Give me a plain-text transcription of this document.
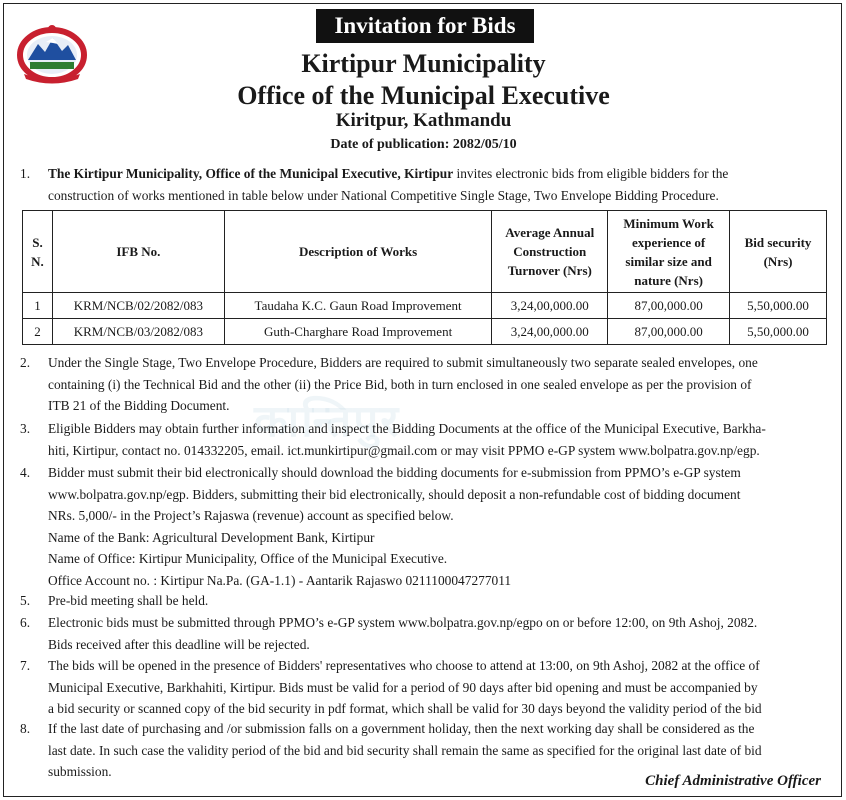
Invitation for Bids
Kirtipur Municipality
Office of the Municipal Executive
Kiritpur, Kathmandu
Date of publication: 2082/05/10
1.	The Kirtipur Municipality, Office of the Municipal Executive, Kirtipur invites electronic bids from eligible bidders for the
construction of works mentioned in table below under National Competitive Single Stage, Two Envelope Bidding Procedure.
कान्तिपुर
S. N.	IFB No.	Description of Works	Average Annual Construction Turnover (Nrs)	Minimum Work experience of similar size and nature (Nrs)	Bid security (Nrs)
1	KRM/NCB/02/2082/083	Taudaha K.C. Gaun Road Improvement	3,24,00,000.00	87,00,000.00	5,50,000.00
2	KRM/NCB/03/2082/083	Guth-Charghare Road Improvement	3,24,00,000.00	87,00,000.00	5,50,000.00
2.	Under the Single Stage, Two Envelope Procedure, Bidders are required to submit simultaneously two separate sealed envelopes, one
containing (i) the Technical Bid and the other (ii) the Price Bid, both in turn enclosed in one sealed envelope as per the provision of
ITB 21 of the Bidding Document.
3.	Eligible Bidders may obtain further information and inspect the Bidding Documents at the office of the Municipal Executive, Barkha-
hiti, Kirtipur, contact no. 014332205, email. ict.munkirtipur@gmail.com or may visit PPMO e-GP system www.bolpatra.gov.np/egp.
4.	Bidder must submit their bid electronically should download the bidding documents for e-submission from PPMO’s e-GP system
www.bolpatra.gov.np/egp. Bidders, submitting their bid electronically, should deposit a non-refundable cost of bidding document
NRs. 5,000/- in the Project’s Rajaswa (revenue) account as specified below.
Name of the Bank: Agricultural Development Bank, Kirtipur
Name of Office: Kirtipur Municipality, Office of the Municipal Executive.
Office Account no. : Kirtipur Na.Pa. (GA-1.1) - Aantarik Rajaswo 0211100047277011
5.	Pre-bid meeting shall be held.
6.	Electronic bids must be submitted through PPMO’s e-GP system www.bolpatra.gov.np/egpo on or before 12:00, on 9th Ashoj, 2082.
Bids received after this deadline will be rejected.
7.	The bids will be opened in the presence of Bidders' representatives who choose to attend at 13:00, on 9th Ashoj, 2082 at the office of
Municipal Executive, Barkhahiti, Kirtipur. Bids must be valid for a period of 90 days after bid opening and must be accompanied by
a bid security or scanned copy of the bid security in pdf format, which shall be valid for 30 days beyond the validity period of the bid
8.	If the last date of purchasing and /or submission falls on a government holiday, then the next working day shall be considered as the
last date. In such case the validity period of the bid and bid security shall remain the same as specified for the original last date of bid
submission.
Chief Administrative Officer
